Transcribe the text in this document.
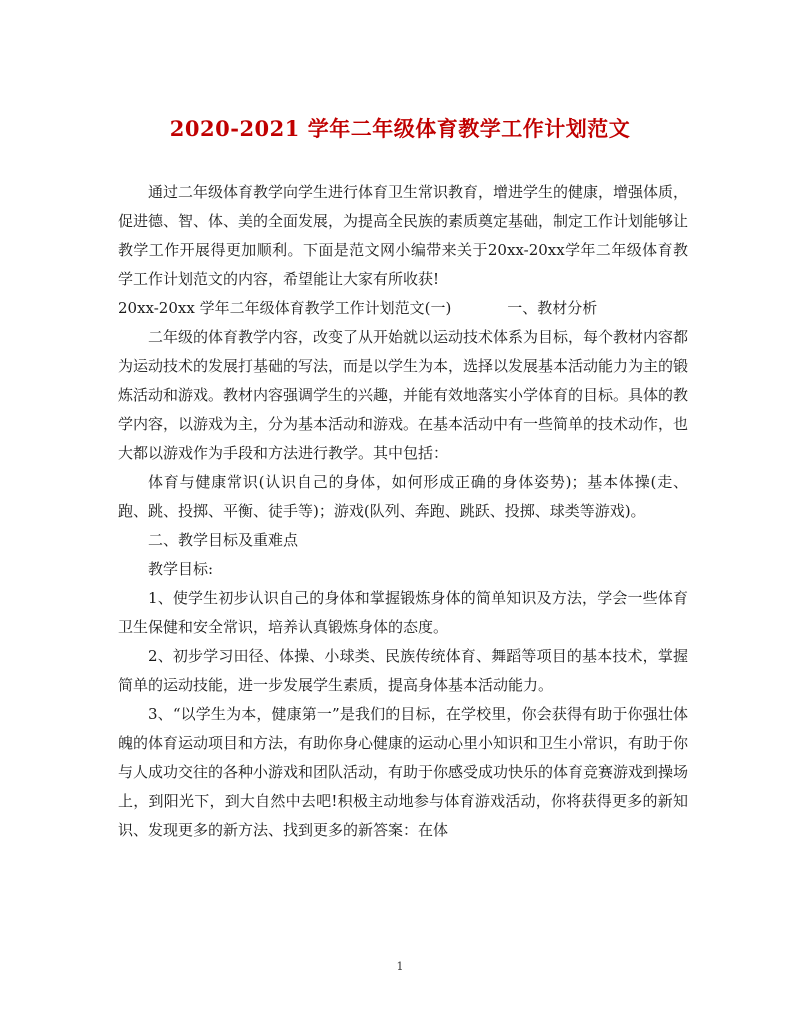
2020-2021 学年二年级体育教学工作计划范文

通过二年级体育教学向学生进行体育卫生常识教育，增进学生的健康，增强体质，促进德、智、体、美的全面发展，为提高全民族的素质奠定基础，制定工作计划能够让教学工作开展得更加顺利。下面是范文网小编带来关于20xx-20xx学年二年级体育教学工作计划范文的内容，希望能让大家有所收获!

20xx-20xx 学年二年级体育教学工作计划范文(一)	一、教材分析

二年级的体育教学内容，改变了从开始就以运动技术体系为目标，每个教材内容都为运动技术的发展打基础的写法，而是以学生为本，选择以发展基本活动能力为主的锻炼活动和游戏。教材内容强调学生的兴趣，并能有效地落实小学体育的目标。具体的教学内容，以游戏为主，分为基本活动和游戏。在基本活动中有一些简单的技术动作，也大都以游戏作为手段和方法进行教学。其中包括：

体育与健康常识(认识自己的身体，如何形成正确的身体姿势)；基本体操(走、跑、跳、投掷、平衡、徒手等)；游戏(队列、奔跑、跳跃、投掷、球类等游戏)。

二、教学目标及重难点

教学目标:

1、使学生初步认识自己的身体和掌握锻炼身体的简单知识及方法，学会一些体育卫生保健和安全常识，培养认真锻炼身体的态度。

2、初步学习田径、体操、小球类、民族传统体育、舞蹈等项目的基本技术，掌握简单的运动技能，进一步发展学生素质，提高身体基本活动能力。

3、“以学生为本，健康第一”是我们的目标，在学校里，你会获得有助于你强壮体魄的体育运动项目和方法，有助你身心健康的运动心里小知识和卫生小常识，有助于你与人成功交往的各种小游戏和团队活动，有助于你感受成功快乐的体育竞赛游戏到操场上，到阳光下，到大自然中去吧!积极主动地参与体育游戏活动，你将获得更多的新知识、发现更多的新方法、找到更多的新答案：在体

1
